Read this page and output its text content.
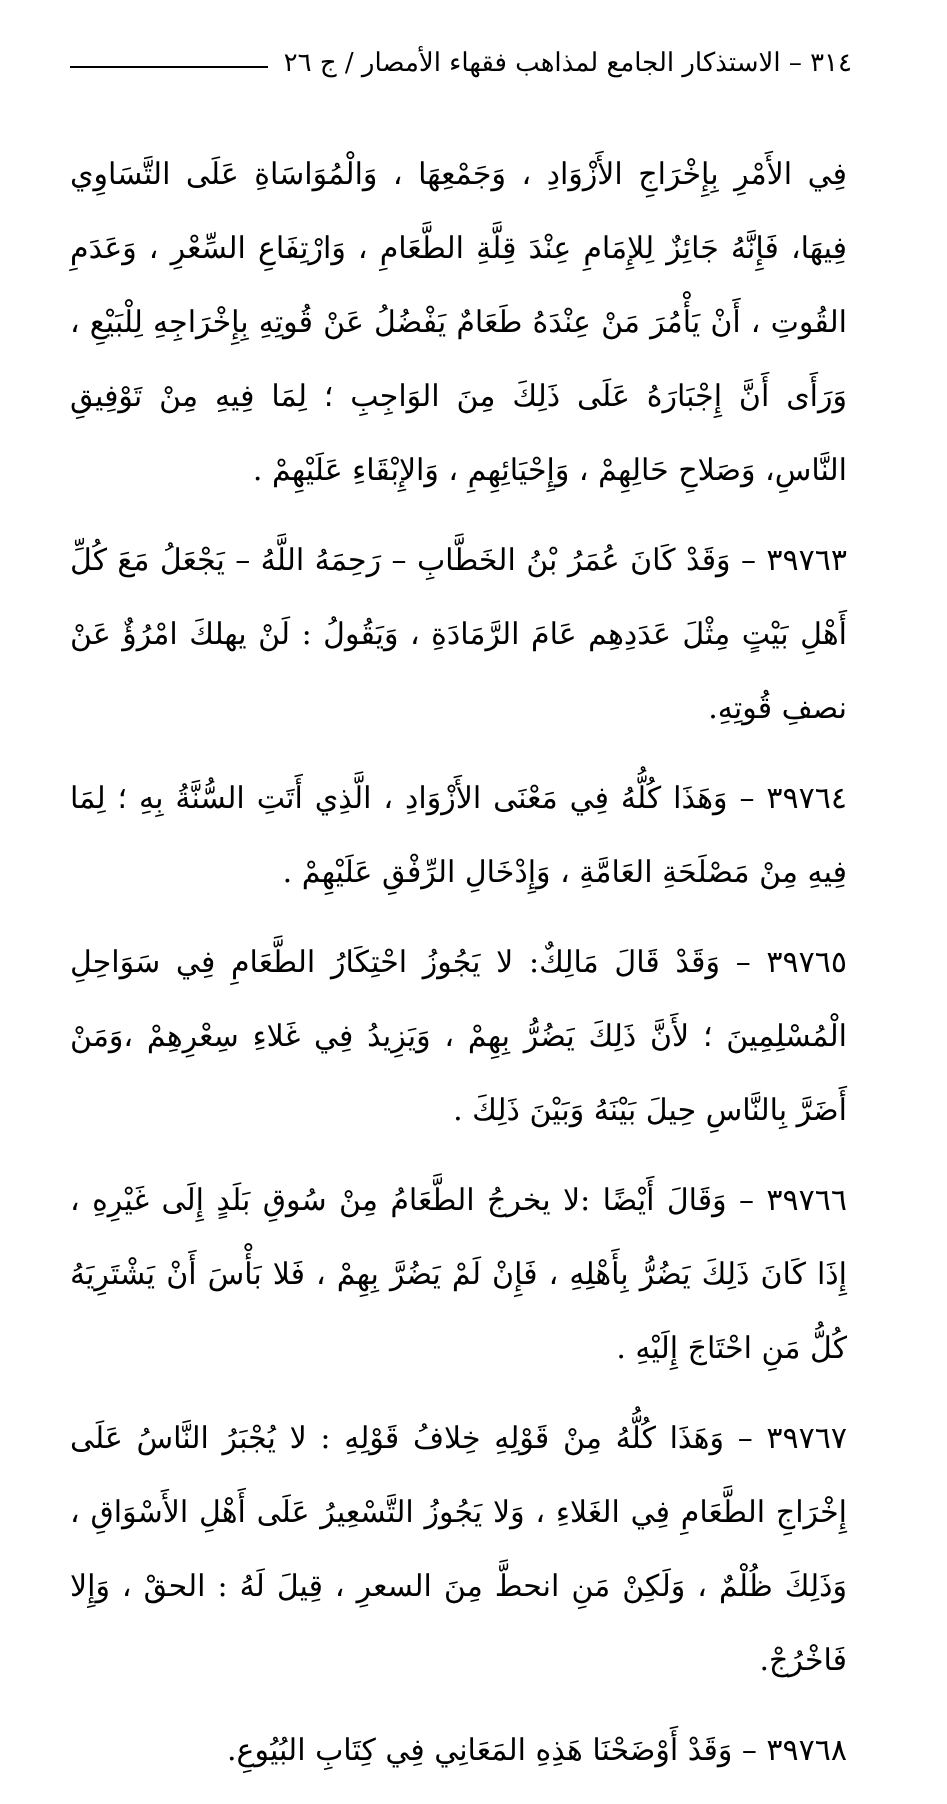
٣١٤ – الاستذكار الجامع لمذاهب فقهاء الأمصار / ج ٢٦

فِي الأَمْرِ بِإِخْرَاجِ الأَزْوَادِ ، وَجَمْعِهَا ، وَالْمُوَاسَاةِ عَلَى التَّسَاوِي فِيهَا، فَإِنَّهُ جَائِزٌ لِلإِمَامِ عِنْدَ قِلَّةِ الطَّعَامِ ، وَارْتِفَاعِ السِّعْرِ ، وَعَدَمِ القُوتِ ، أَنْ يَأْمُرَ مَنْ عِنْدَهُ طَعَامٌ يَفْضُلُ عَنْ قُوتِهِ بِإِخْرَاجِهِ لِلْبَيْعِ ، وَرَأَى أَنَّ إِجْبَارَهُ عَلَى ذَلِكَ مِنَ الوَاجِبِ ؛ لِمَا فِيهِ مِنْ تَوْفِيقِ النَّاسِ، وَصَلاحِ حَالِهِمْ ، وَإِحْيَائِهِمِ ، وَالإِبْقَاءِ عَلَيْهِمْ .

٣٩٧٦٣ – وَقَدْ كَانَ عُمَرُ بْنُ الخَطَّابِ – رَحِمَهُ اللَّهُ – يَجْعَلُ مَعَ كُلِّ أَهْلِ بَيْتٍ مِثْلَ عَدَدِهِم عَامَ الرَّمَادَةِ ، وَيَقُولُ : لَنْ يهلكَ امْرُؤٌ عَنْ نصفِ قُوتِهِ.

٣٩٧٦٤ – وَهَذَا كُلُّهُ فِي مَعْنَى الأَزْوَادِ ، الَّذِي أَتَتِ السُّنَّةُ بِهِ ؛ لِمَا فِيهِ مِنْ مَصْلَحَةِ العَامَّةِ ، وَإِدْخَالِ الرِّفْقِ عَلَيْهِمْ .

٣٩٧٦٥ – وَقَدْ قَالَ مَالِكٌ: لا يَجُوزُ احْتِكَارُ الطَّعَامِ فِي سَوَاحِلِ الْمُسْلِمِينَ ؛ لأَنَّ ذَلِكَ يَضُرُّ بِهِمْ ، وَيَزِيدُ فِي غَلاءِ سِعْرِهِمْ ،وَمَنْ أَضَرَّ بِالنَّاسِ حِيلَ بَيْنَهُ وَبَيْنَ ذَلِكَ .

٣٩٧٦٦ – وَقَالَ أَيْضًا :لا يخرجُ الطَّعَامُ مِنْ سُوقِ بَلَدٍ إِلَى غَيْرِهِ ، إِذَا كَانَ ذَلِكَ يَضُرُّ بِأَهْلِهِ ، فَإِنْ لَمْ يَضُرَّ بِهِمْ ، فَلا بَأْسَ أَنْ يَشْتَرِيَهُ كُلُّ مَنِ احْتَاجَ إِلَيْهِ .

٣٩٧٦٧ – وَهَذَا كُلُّهُ مِنْ قَوْلِهِ خِلافُ قَوْلِهِ : لا يُجْبَرُ النَّاسُ عَلَى إِخْرَاجِ الطَّعَامِ فِي الغَلاءِ ، وَلا يَجُوزُ التَّسْعِيرُ عَلَى أَهْلِ الأَسْوَاقِ ، وَذَلِكَ ظُلْمٌ ، وَلَكِنْ مَنِ انحطَّ مِنَ السعرِ ، قِيلَ لَهُ : الحقْ ، وَإِلا فَاخْرُجْ.

٣٩٧٦٨ – وَقَدْ أَوْضَحْنَا هَذِهِ المَعَانِي فِي كِتَابِ البُيُوعِ.
